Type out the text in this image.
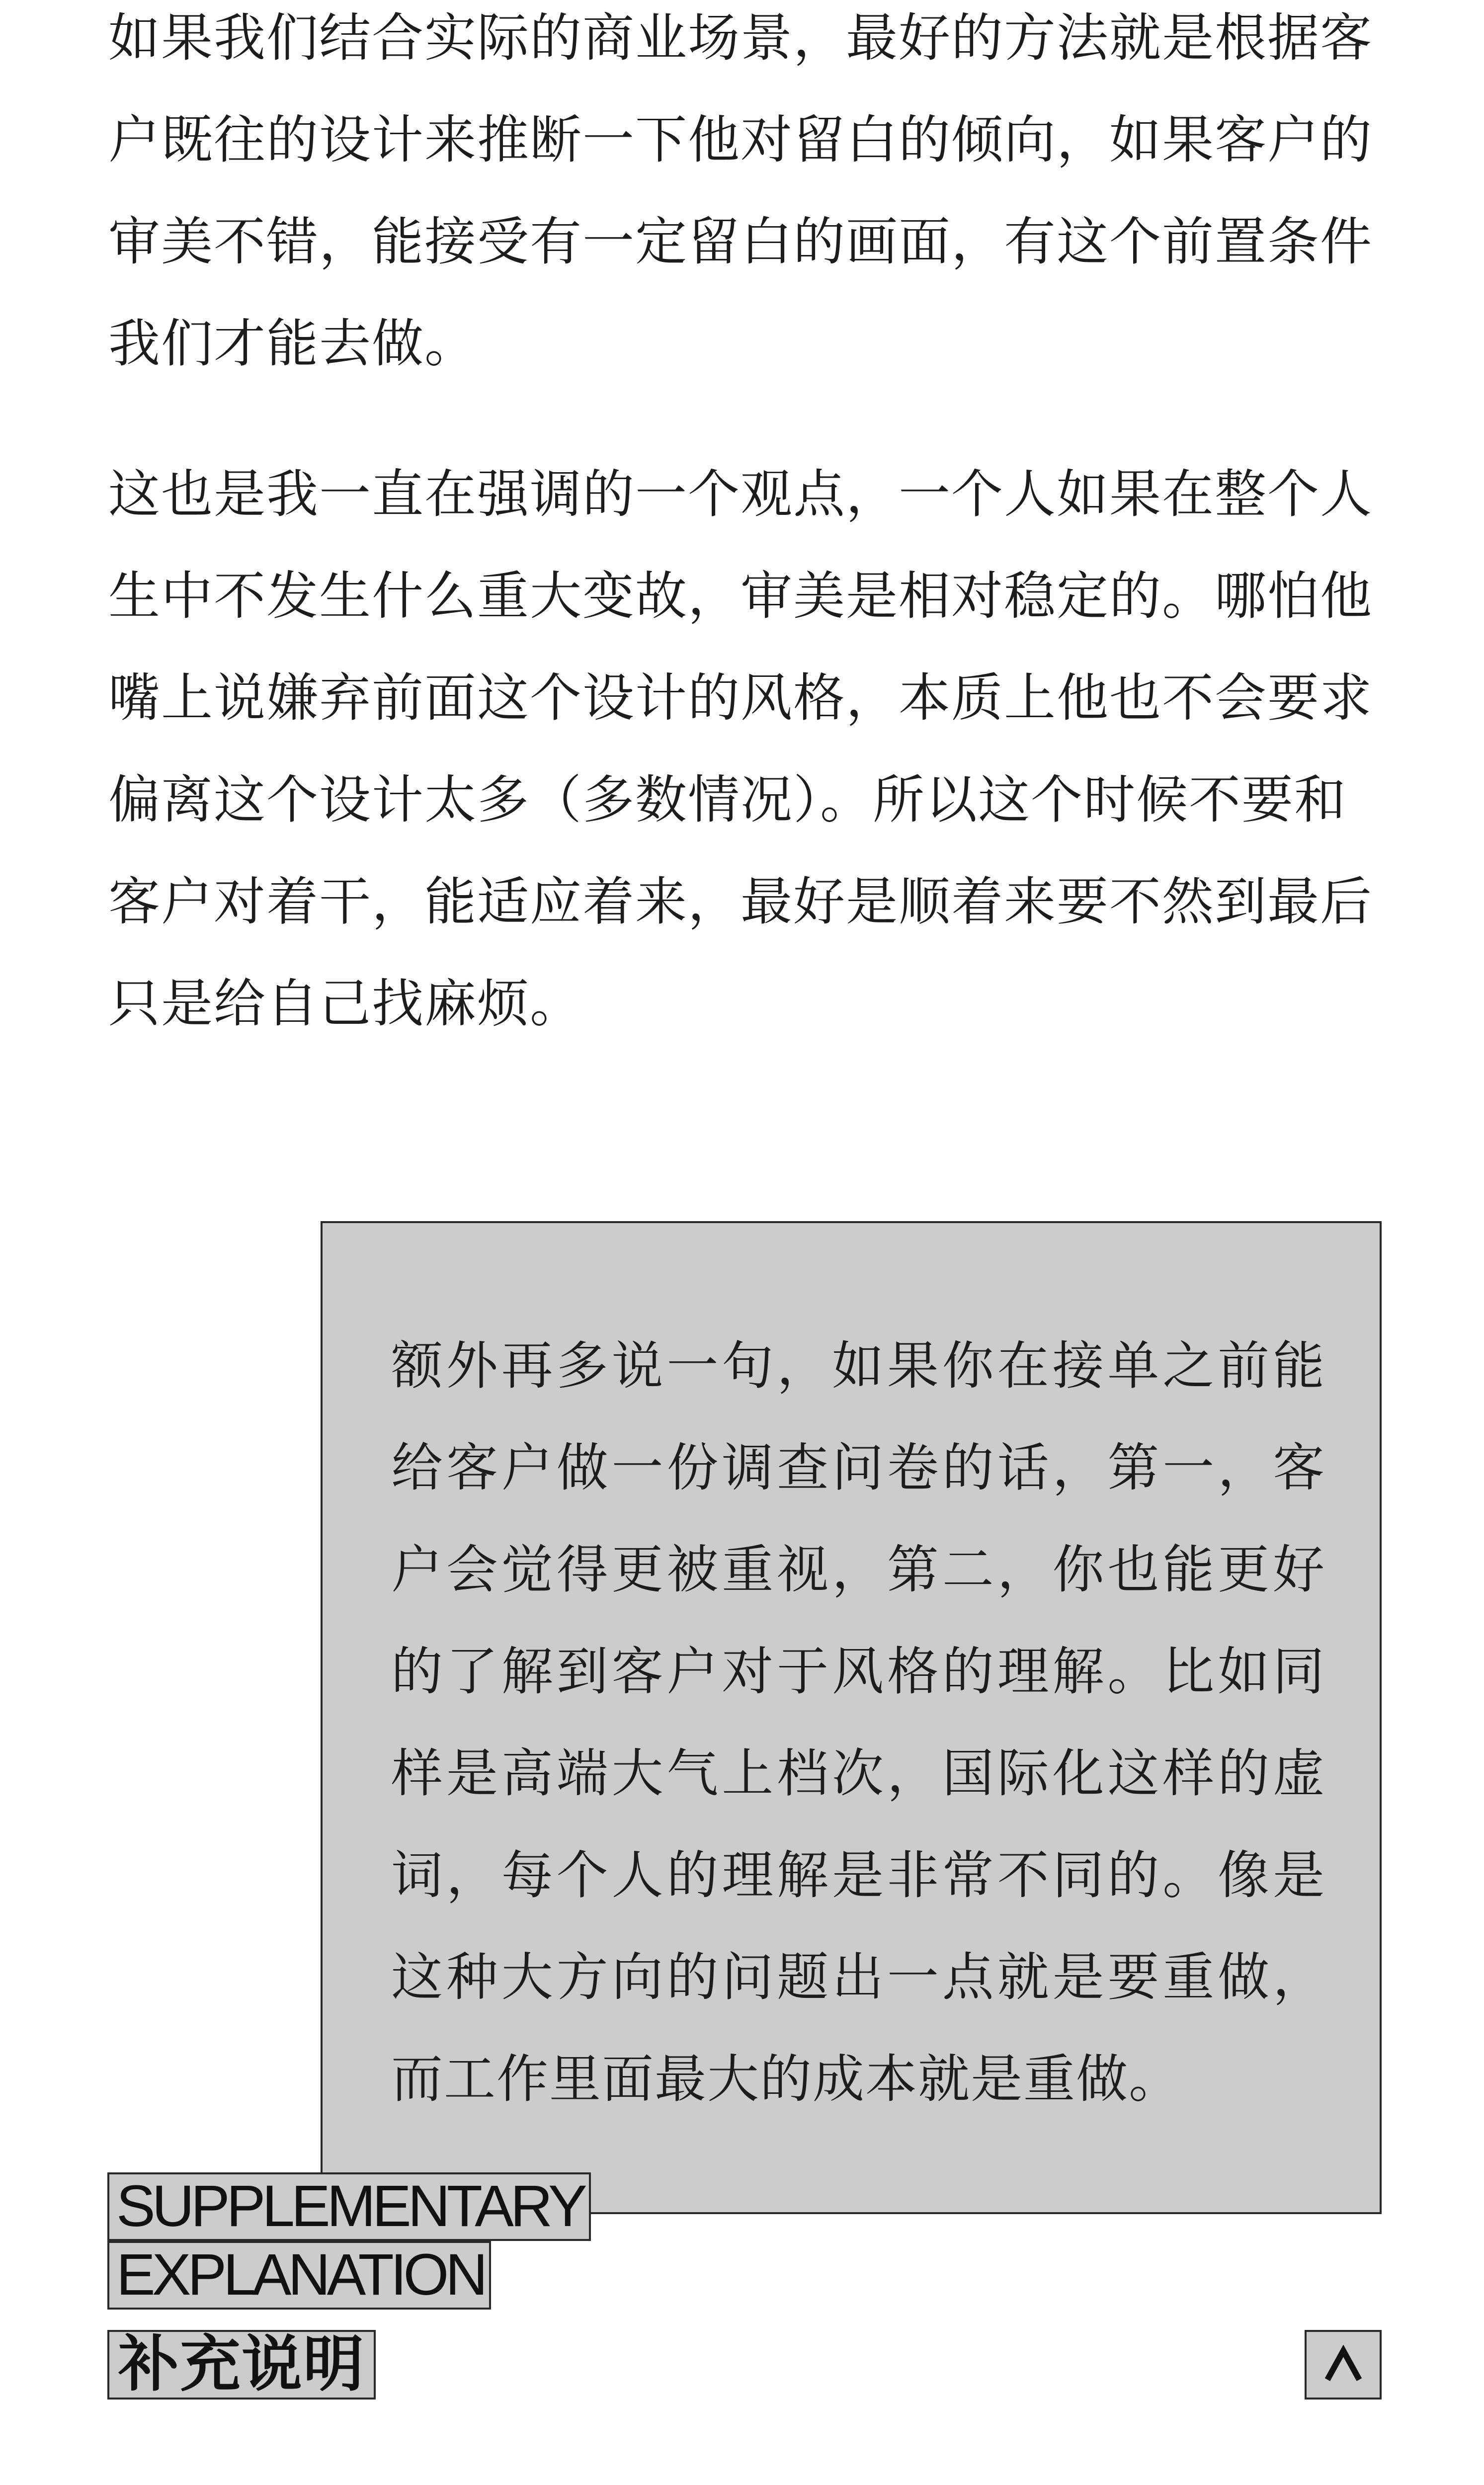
如果我们结合实际的商业场景，最好的方法就是根据客户既往的设计来推断一下他对留白的倾向，如果客户的审美不错，能接受有一定留白的画面，有这个前置条件我们才能去做。

这也是我一直在强调的一个观点，一个人如果在整个人生中不发生什么重大变故，审美是相对稳定的。哪怕他嘴上说嫌弃前面这个设计的风格，本质上他也不会要求偏离这个设计太多（多数情况）。所以这个时候不要和客户对着干，能适应着来，最好是顺着来要不然到最后只是给自己找麻烦。

额外再多说一句，如果你在接单之前能给客户做一份调查问卷的话，第一，客户会觉得更被重视，第二，你也能更好的了解到客户对于风格的理解。比如同样是高端大气上档次，国际化这样的虚词，每个人的理解是非常不同的。像是这种大方向的问题出一点就是要重做，而工作里面最大的成本就是重做。

SUPPLEMENTARY
EXPLANATION
补充说明
